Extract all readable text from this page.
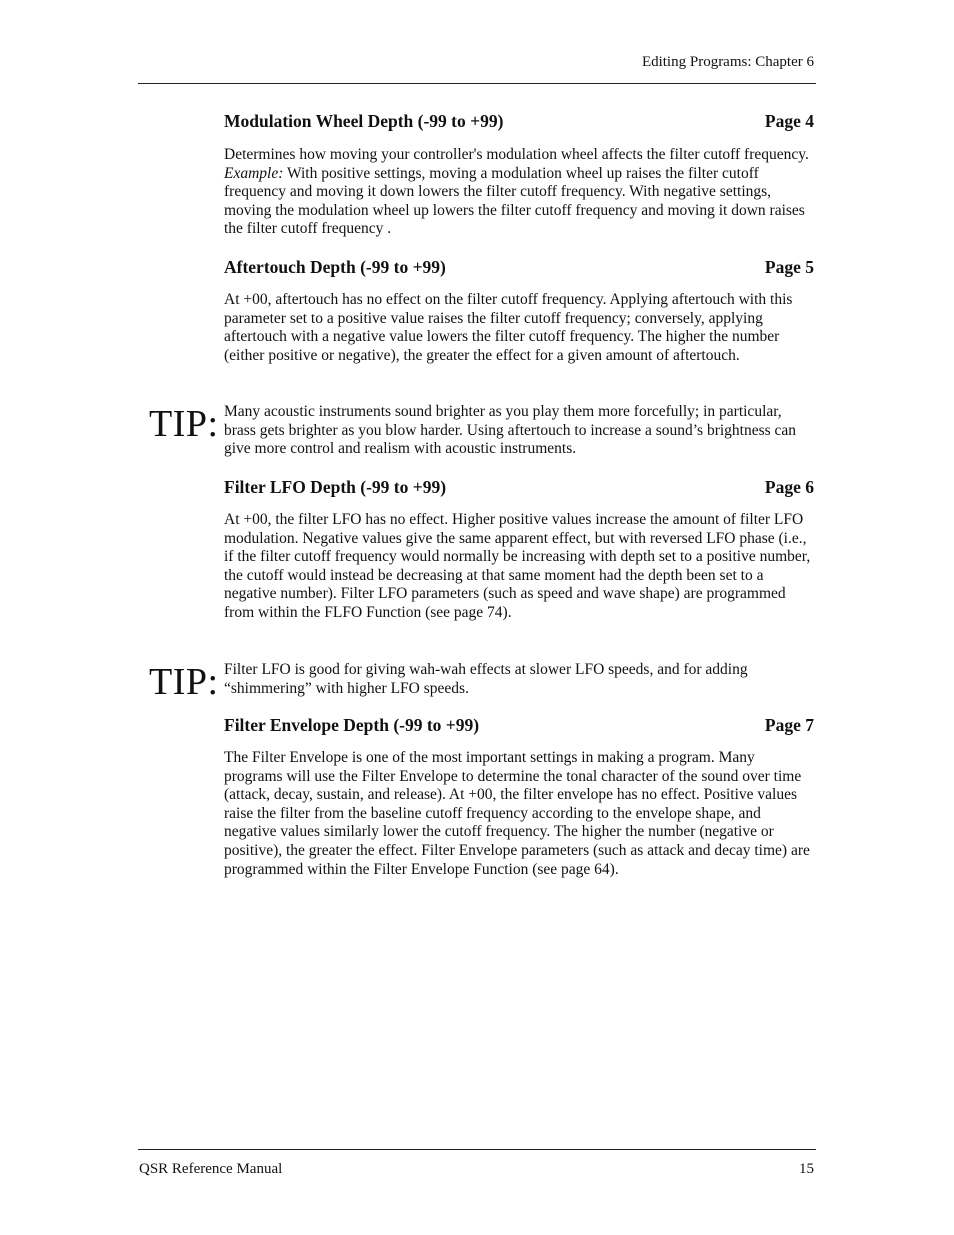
Editing Programs: Chapter 6
Modulation Wheel Depth (-99 to +99)	Page 4

Determines how moving your controller's modulation wheel affects the filter cutoff frequency. Example: With positive settings, moving a modulation wheel up raises the filter cutoff frequency and moving it down lowers the filter cutoff frequency. With negative settings, moving the modulation wheel up lowers the filter cutoff frequency and moving it down raises the filter cutoff frequency .

Aftertouch Depth (-99 to +99)	Page 5

At +00, aftertouch has no effect on the filter cutoff frequency. Applying aftertouch with this parameter set to a positive value raises the filter cutoff frequency; conversely, applying aftertouch with a negative value lowers the filter cutoff frequency. The higher the number (either positive or negative), the greater the effect for a given amount of aftertouch.

TIP: Many acoustic instruments sound brighter as you play them more forcefully; in particular, brass gets brighter as you blow harder. Using aftertouch to increase a sound’s brightness can give more control and realism with acoustic instruments.

Filter LFO Depth (-99 to +99)	Page 6

At +00, the filter LFO has no effect. Higher positive values increase the amount of filter LFO modulation. Negative values give the same apparent effect, but with reversed LFO phase (i.e., if the filter cutoff frequency would normally be increasing with depth set to a positive number, the cutoff would instead be decreasing at that same moment had the depth been set to a negative number). Filter LFO parameters (such as speed and wave shape) are programmed from within the FLFO Function (see page 74).

TIP: Filter LFO is good for giving wah-wah effects at slower LFO speeds, and for adding “shimmering” with higher LFO speeds.

Filter Envelope Depth (-99 to +99)	Page 7

The Filter Envelope is one of the most important settings in making a program. Many programs will use the Filter Envelope to determine the tonal character of the sound over time (attack, decay, sustain, and release). At +00, the filter envelope has no effect. Positive values raise the filter from the baseline cutoff frequency according to the envelope shape, and negative values similarly lower the cutoff frequency. The higher the number (negative or positive), the greater the effect. Filter Envelope parameters (such as attack and decay time) are programmed within the Filter Envelope Function (see page 64).

QSR Reference Manual	15
